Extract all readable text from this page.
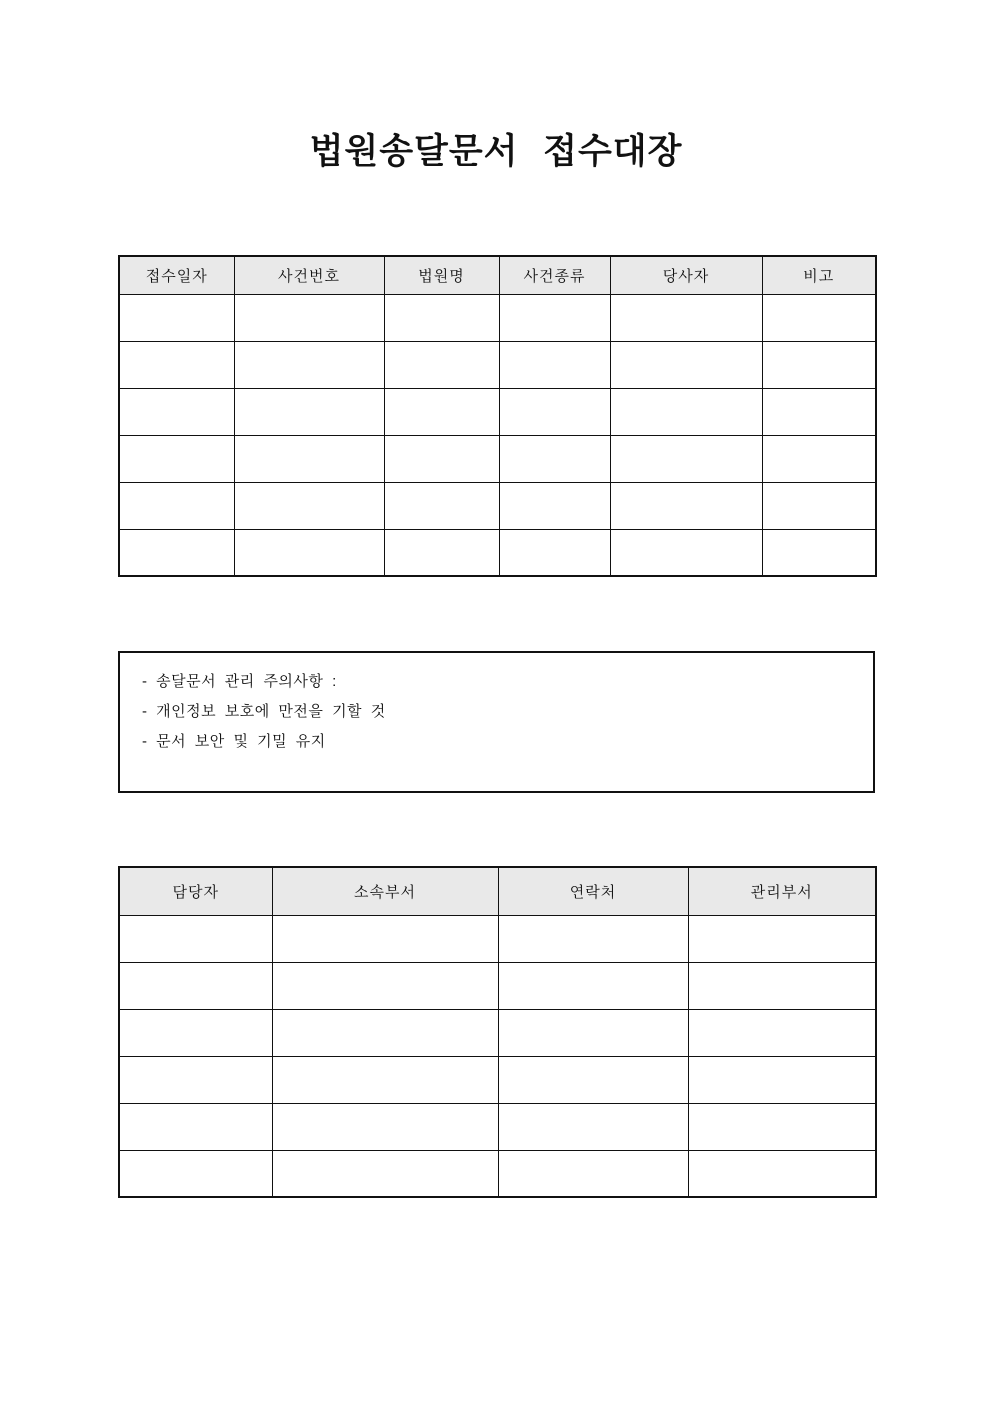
법원송달문서 접수대장
접수일자	사건번호	법원명	사건종류	당사자	비고

- 송달문서 관리 주의사항 :

- 개인정보 보호에 만전을 기할 것

- 문서 보안 및 기밀 유지

담당자	소속부서	연락처	관리부서
